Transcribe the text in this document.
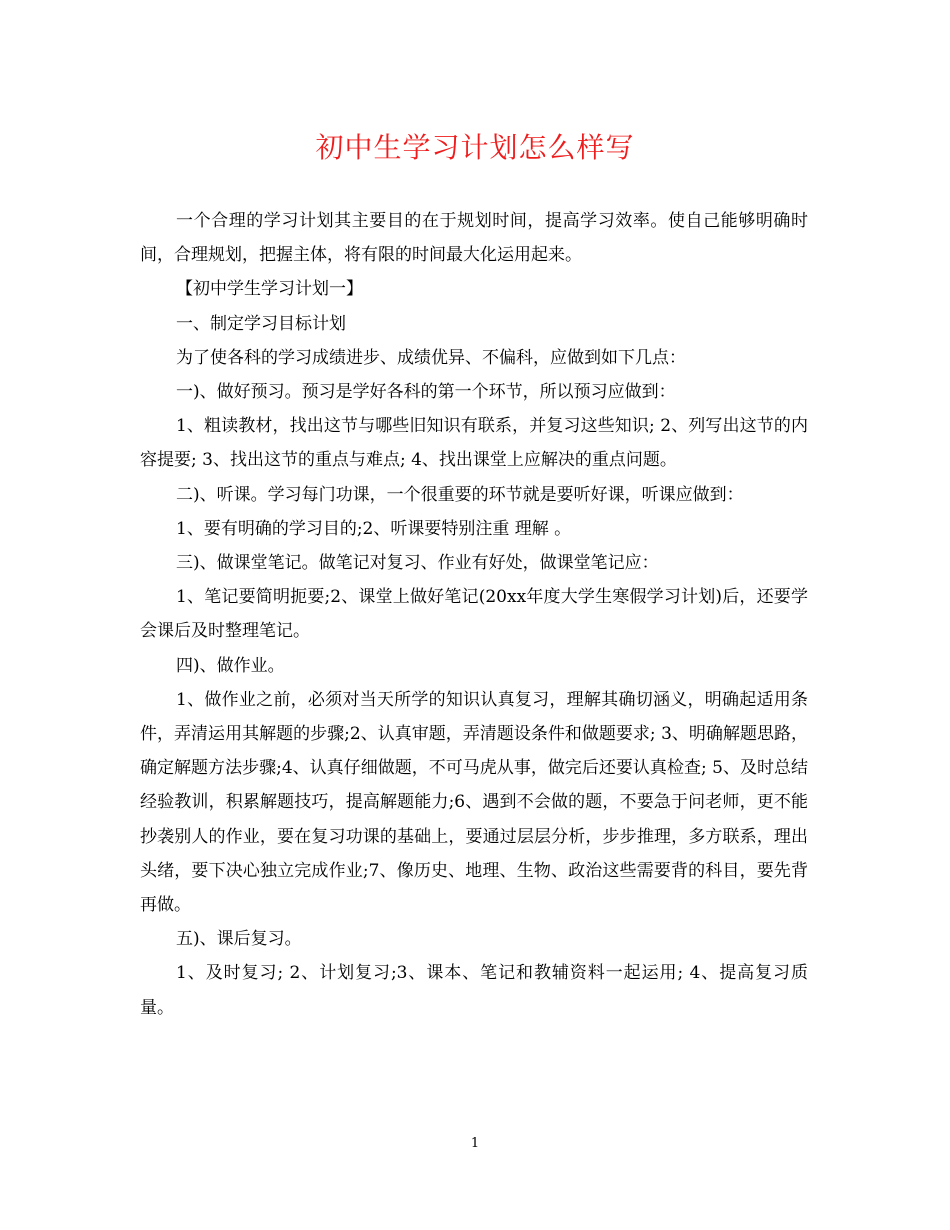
初中生学习计划怎么样写

一个合理的学习计划其主要目的在于规划时间，提高学习效率。使自己能够明确时间，合理规划，把握主体，将有限的时间最大化运用起来。

【初中学生学习计划一】

一、制定学习目标计划

为了使各科的学习成绩进步、成绩优异、不偏科，应做到如下几点：

一)、做好预习。预习是学好各科的第一个环节，所以预习应做到：

1、粗读教材，找出这节与哪些旧知识有联系，并复习这些知识; 2、列写出这节的内容提要; 3、找出这节的重点与难点; 4、找出课堂上应解决的重点问题。

二)、听课。学习每门功课，一个很重要的环节就是要听好课，听课应做到：

1、要有明确的学习目的;2、听课要特别注重 理解 。

三)、做课堂笔记。做笔记对复习、作业有好处，做课堂笔记应：

1、笔记要简明扼要;2、课堂上做好笔记(20xx年度大学生寒假学习计划)后，还要学会课后及时整理笔记。

四)、做作业。

1、做作业之前，必须对当天所学的知识认真复习，理解其确切涵义，明确起适用条件，弄清运用其解题的步骤;2、认真审题，弄清题设条件和做题要求; 3、明确解题思路，确定解题方法步骤;4、认真仔细做题，不可马虎从事，做完后还要认真检查; 5、及时总结经验教训，积累解题技巧，提高解题能力;6、遇到不会做的题，不要急于问老师，更不能抄袭别人的作业，要在复习功课的基础上，要通过层层分析，步步推理，多方联系，理出头绪，要下决心独立完成作业;7、像历史、地理、生物、政治这些需要背的科目，要先背再做。

五)、课后复习。

1、及时复习; 2、计划复习;3、课本、笔记和教辅资料一起运用; 4、提高复习质量。

1
